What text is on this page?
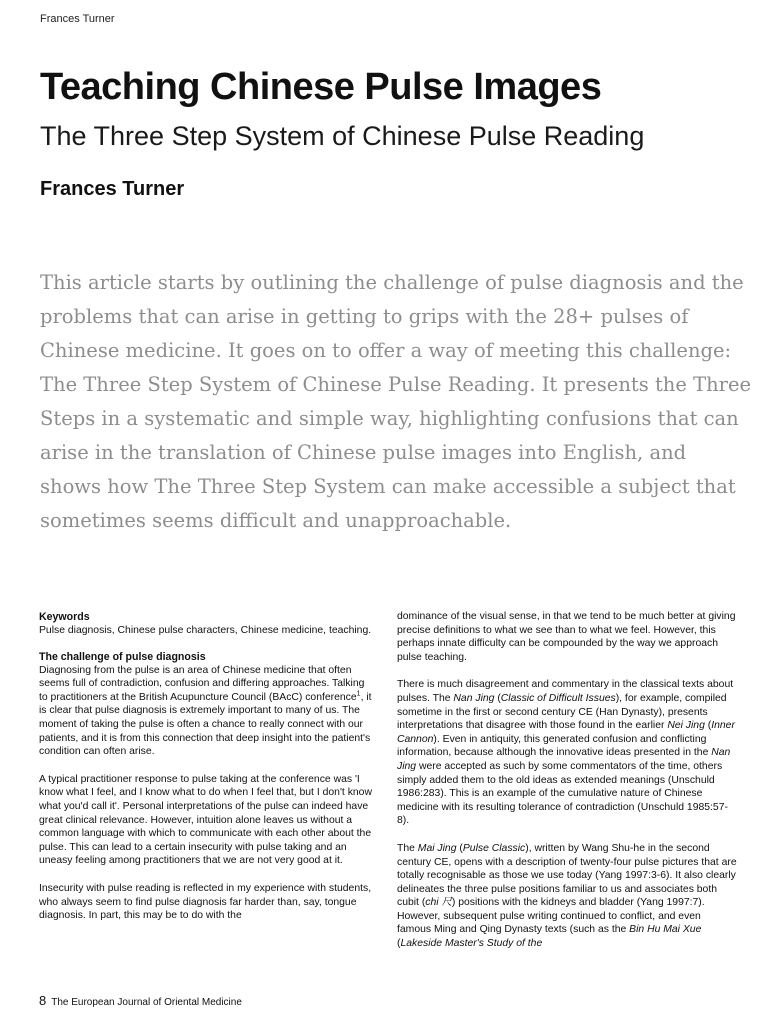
Frances Turner
Teaching Chinese Pulse Images
The Three Step System of Chinese Pulse Reading
Frances Turner

This article starts by outlining the challenge of pulse diagnosis and the problems that can arise in getting to grips with the 28+ pulses of Chinese medicine. It goes on to offer a way of meeting this challenge: The Three Step System of Chinese Pulse Reading. It presents the Three Steps in a systematic and simple way, highlighting confusions that can arise in the translation of Chinese pulse images into English, and shows how The Three Step System can make accessible a subject that sometimes seems difficult and unapproachable.

Keywords

Pulse diagnosis, Chinese pulse characters, Chinese medicine, teaching.

The challenge of pulse diagnosis

Diagnosing from the pulse is an area of Chinese medicine that often seems full of contradiction, confusion and differing approaches. Talking to practitioners at the British Acupuncture Council (BAcC) conference$^1$, it is clear that pulse diagnosis is extremely important to many of us. The moment of taking the pulse is often a chance to really connect with our patients, and it is from this connection that deep insight into the patient's condition can often arise.

A typical practitioner response to pulse taking at the conference was 'I know what I feel, and I know what to do when I feel that, but I don't know what you'd call it'. Personal interpretations of the pulse can indeed have great clinical relevance. However, intuition alone leaves us without a common language with which to communicate with each other about the pulse. This can lead to a certain insecurity with pulse taking and an uneasy feeling among practitioners that we are not very good at it.

Insecurity with pulse reading is reflected in my experience with students, who always seem to find pulse diagnosis far harder than, say, tongue diagnosis. In part, this may be to do with the

dominance of the visual sense, in that we tend to be much better at giving precise definitions to what we see than to what we feel. However, this perhaps innate difficulty can be compounded by the way we approach pulse teaching.

There is much disagreement and commentary in the classical texts about pulses. The Nan Jing (Classic of Difficult Issues), for example, compiled sometime in the first or second century CE (Han Dynasty), presents interpretations that disagree with those found in the earlier Nei Jing (Inner Cannon). Even in antiquity, this generated confusion and conflicting information, because although the innovative ideas presented in the Nan Jing were accepted as such by some commentators of the time, others simply added them to the old ideas as extended meanings (Unschuld 1986:283). This is an example of the cumulative nature of Chinese medicine with its resulting tolerance of contradiction (Unschuld 1985:57-8).

The Mai Jing (Pulse Classic), written by Wang Shu-he in the second century CE, opens with a description of twenty-four pulse pictures that are totally recognisable as those we use today (Yang 1997:3-6). It also clearly delineates the three pulse positions familiar to us and associates both cubit (chi 尺) positions with the kidneys and bladder (Yang 1997:7). However, subsequent pulse writing continued to conflict, and even famous Ming and Qing Dynasty texts (such as the Bin Hu Mai Xue (Lakeside Master's Study of the

8 The European Journal of Oriental Medicine
